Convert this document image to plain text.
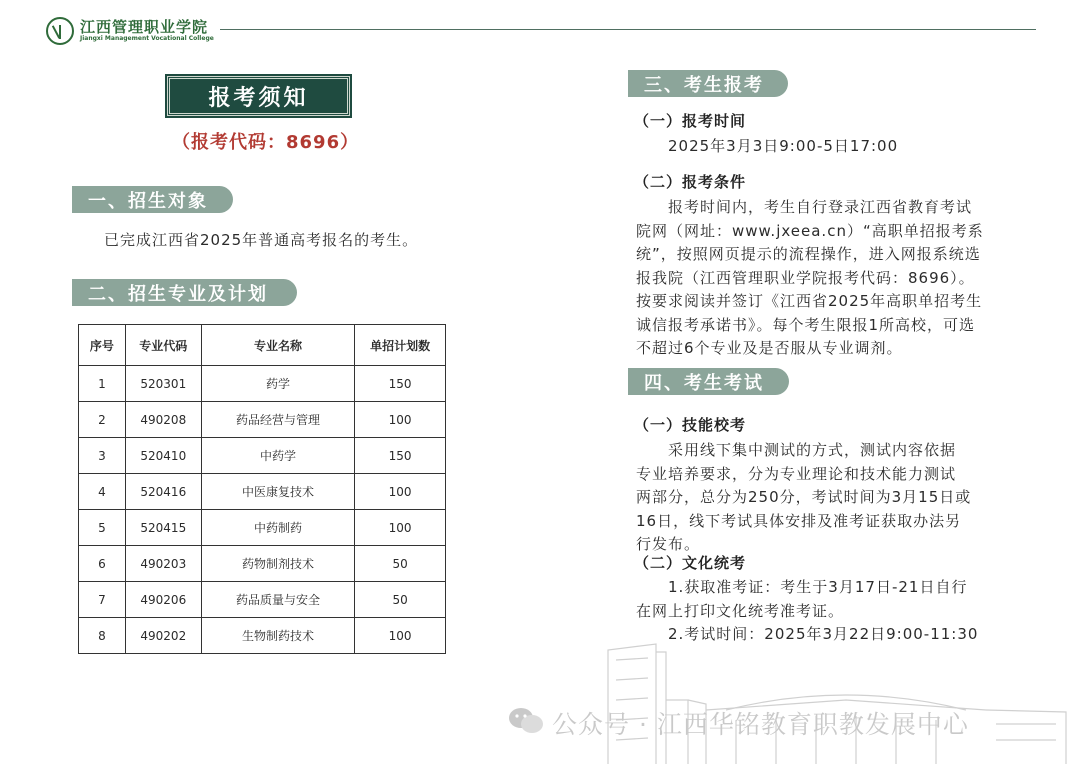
江西管理职业学院
Jiangxi Management Vocational College
报考须知
（报考代码：8696）
一、招生对象
已完成江西省2025年普通高考报名的考生。
二、招生专业及计划
序号	专业代码	专业名称	单招计划数
1	520301	药学	150
2	490208	药品经营与管理	100
3	520410	中药学	150
4	520416	中医康复技术	100
5	520415	中药制药	100
6	490203	药物制剂技术	50
7	490206	药品质量与安全	50
8	490202	生物制药技术	100
三、考生报考
（一）报考时间
2025年3月3日9:00-5日17:00
（二）报考条件
报考时间内，考生自行登录江西省教育考试
院网（网址：www.jxeea.cn）“高职单招报考系
统”，按照网页提示的流程操作，进入网报系统选
报我院（江西管理职业学院报考代码：8696）。
按要求阅读并签订《江西省2025年高职单招考生
诚信报考承诺书》。每个考生限报1所高校，可选
不超过6个专业及是否服从专业调剂。
四、考生考试
（一）技能校考
采用线下集中测试的方式，测试内容依据
专业培养要求，分为专业理论和技术能力测试
两部分，总分为250分，考试时间为3月15日或
16日，线下考试具体安排及准考证获取办法另
行发布。
（二）文化统考
1.获取准考证：考生于3月17日-21日自行
在网上打印文化统考准考证。
2.考试时间：2025年3月22日9:00-11:30
公众号 · 江西华铭教育职教发展中心
